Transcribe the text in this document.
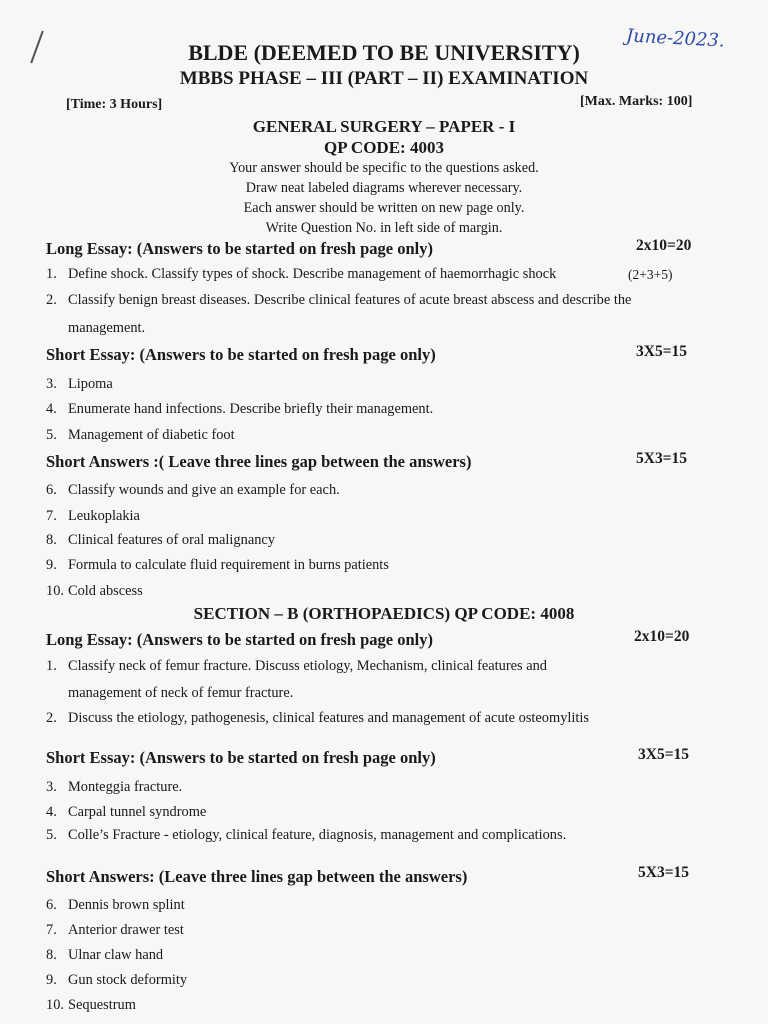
June-2023.
BLDE (DEEMED TO BE UNIVERSITY)
MBBS PHASE – III (PART – II) EXAMINATION
[Time: 3 Hours]	[Max. Marks: 100]
GENERAL SURGERY – PAPER - I
QP CODE: 4003
Your answer should be specific to the questions asked.
Draw neat labeled diagrams wherever necessary.
Each answer should be written on new page only.
Write Question No. in left side of margin.
Long Essay: (Answers to be started on fresh page only)	2x10=20
1. Define shock. Classify types of shock. Describe management of haemorrhagic shock	(2+3+5)
2. Classify benign breast diseases. Describe clinical features of acute breast abscess and describe the
management.
Short Essay: (Answers to be started on fresh page only)	3X5=15
3. Lipoma
4. Enumerate hand infections. Describe briefly their management.
5. Management of diabetic foot
Short Answers :( Leave three lines gap between the answers)	5X3=15
6. Classify wounds and give an example for each.
7. Leukoplakia
8. Clinical features of oral malignancy
9. Formula to calculate fluid requirement in burns patients
10. Cold abscess
SECTION – B (ORTHOPAEDICS) QP CODE: 4008
Long Essay: (Answers to be started on fresh page only)	2x10=20
1. Classify neck of femur fracture. Discuss etiology, Mechanism, clinical features and
management of neck of femur fracture.
2. Discuss the etiology, pathogenesis, clinical features and management of acute osteomylitis
Short Essay: (Answers to be started on fresh page only)	3X5=15
3. Monteggia fracture.
4. Carpal tunnel syndrome
5. Colle’s Fracture - etiology, clinical feature, diagnosis, management and complications.
Short Answers: (Leave three lines gap between the answers)	5X3=15
6. Dennis brown splint
7. Anterior drawer test
8. Ulnar claw hand
9. Gun stock deformity
10. Sequestrum
